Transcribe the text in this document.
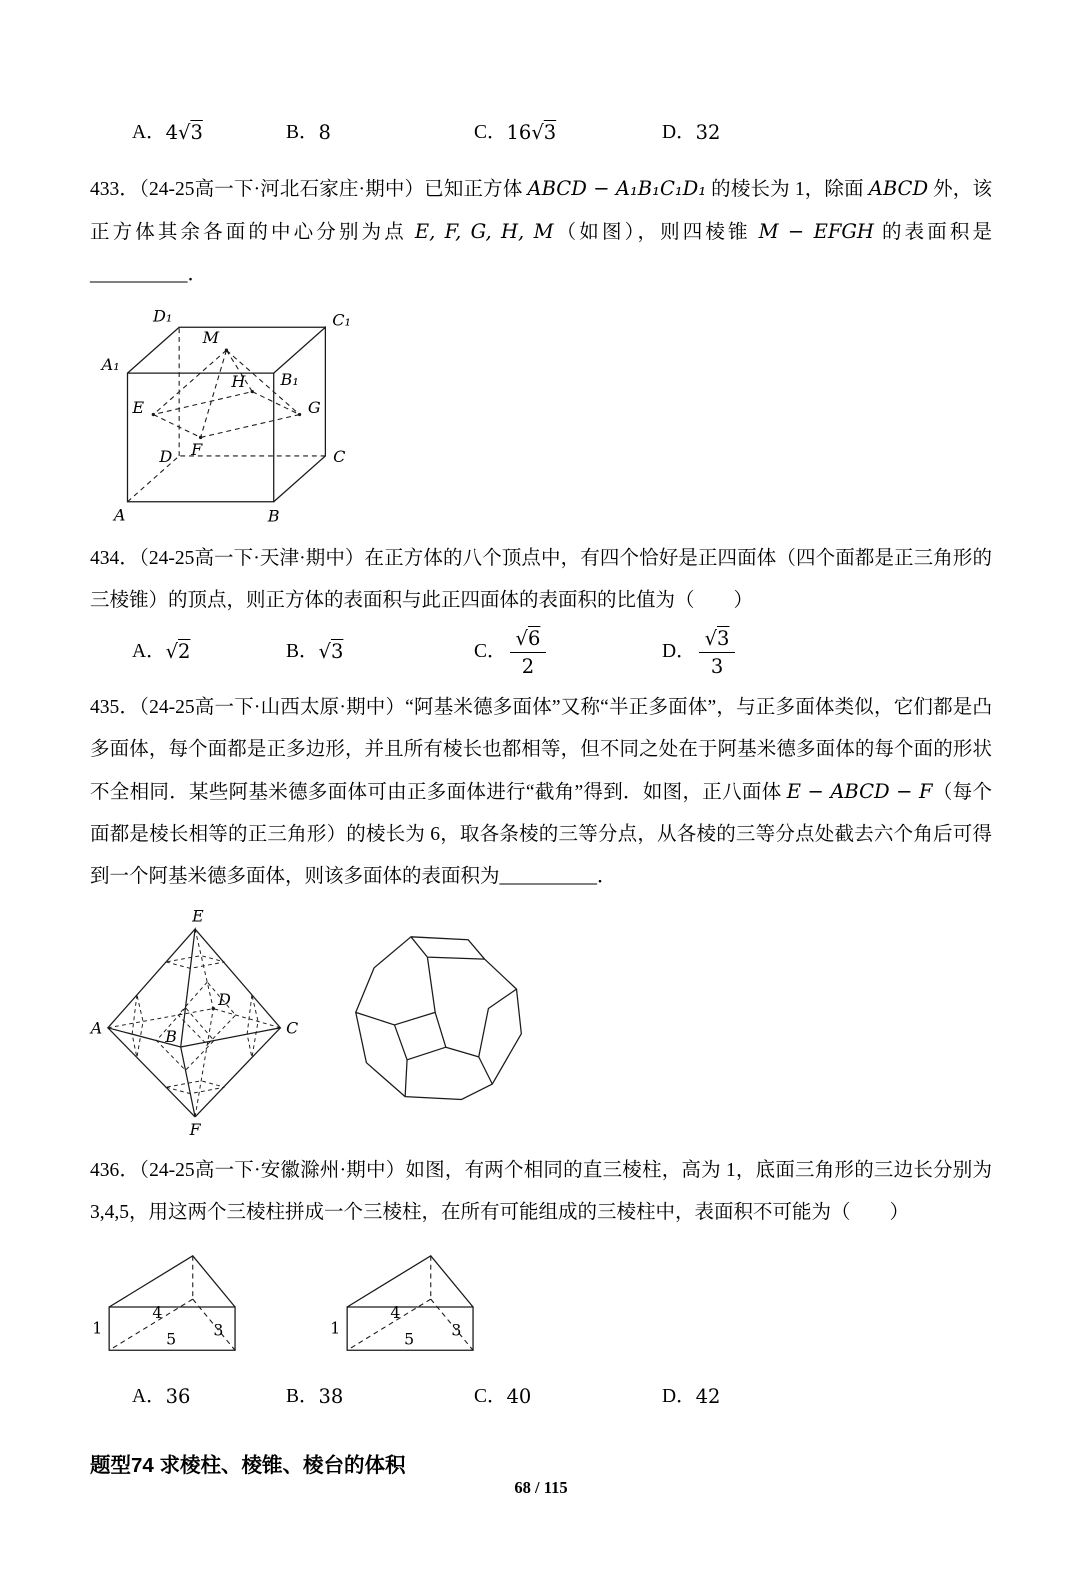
A． 4√3	B． 8	C． 16√3	D． 32

433．（24-25高一下·河北石家庄·期中）已知正方体 ABCD − A₁B₁C₁D₁ 的棱长为 1，除面 ABCD 外，该正方体其余各面的中心分别为点 E, F, G, H, M（如图），则四棱锥 M − EFGH 的表面积是__________．

A	B
C
D
A₁
B₁
C₁
D₁
M
E
F
G
H

434．（24-25高一下·天津·期中）在正方体的八个顶点中，有四个恰好是正四面体（四个面都是正三角形的三棱锥）的顶点，则正方体的表面积与此正四面体的表面积的比值为（　　）

A． √2	B． √3	C． $\frac{√6}{2}$	D． $\frac{√3}{3}$

435．（24-25高一下·山西太原·期中）“阿基米德多面体”又称“半正多面体”，与正多面体类似，它们都是凸多面体，每个面都是正多边形，并且所有棱长也都相等，但不同之处在于阿基米德多面体的每个面的形状不全相同．某些阿基米德多面体可由正多面体进行“截角”得到．如图，正八面体 E − ABCD − F（每个面都是棱长相等的正三角形）的棱长为 6，取各条棱的三等分点，从各棱的三等分点处截去六个角后可得到一个阿基米德多面体，则该多面体的表面积为__________．

E
A	C
F
B
D

436．（24-25高一下·安徽滁州·期中）如图，有两个相同的直三棱柱，高为 1，底面三角形的三边长分别为 3,4,5，用这两个三棱柱拼成一个三棱柱，在所有可能组成的三棱柱中，表面积不可能为（　　）

1
4
3
5
1
4
3
5
A． 36	B． 38	C． 40	D． 42
题型74 求棱柱、棱锥、棱台的体积
68 / 115
